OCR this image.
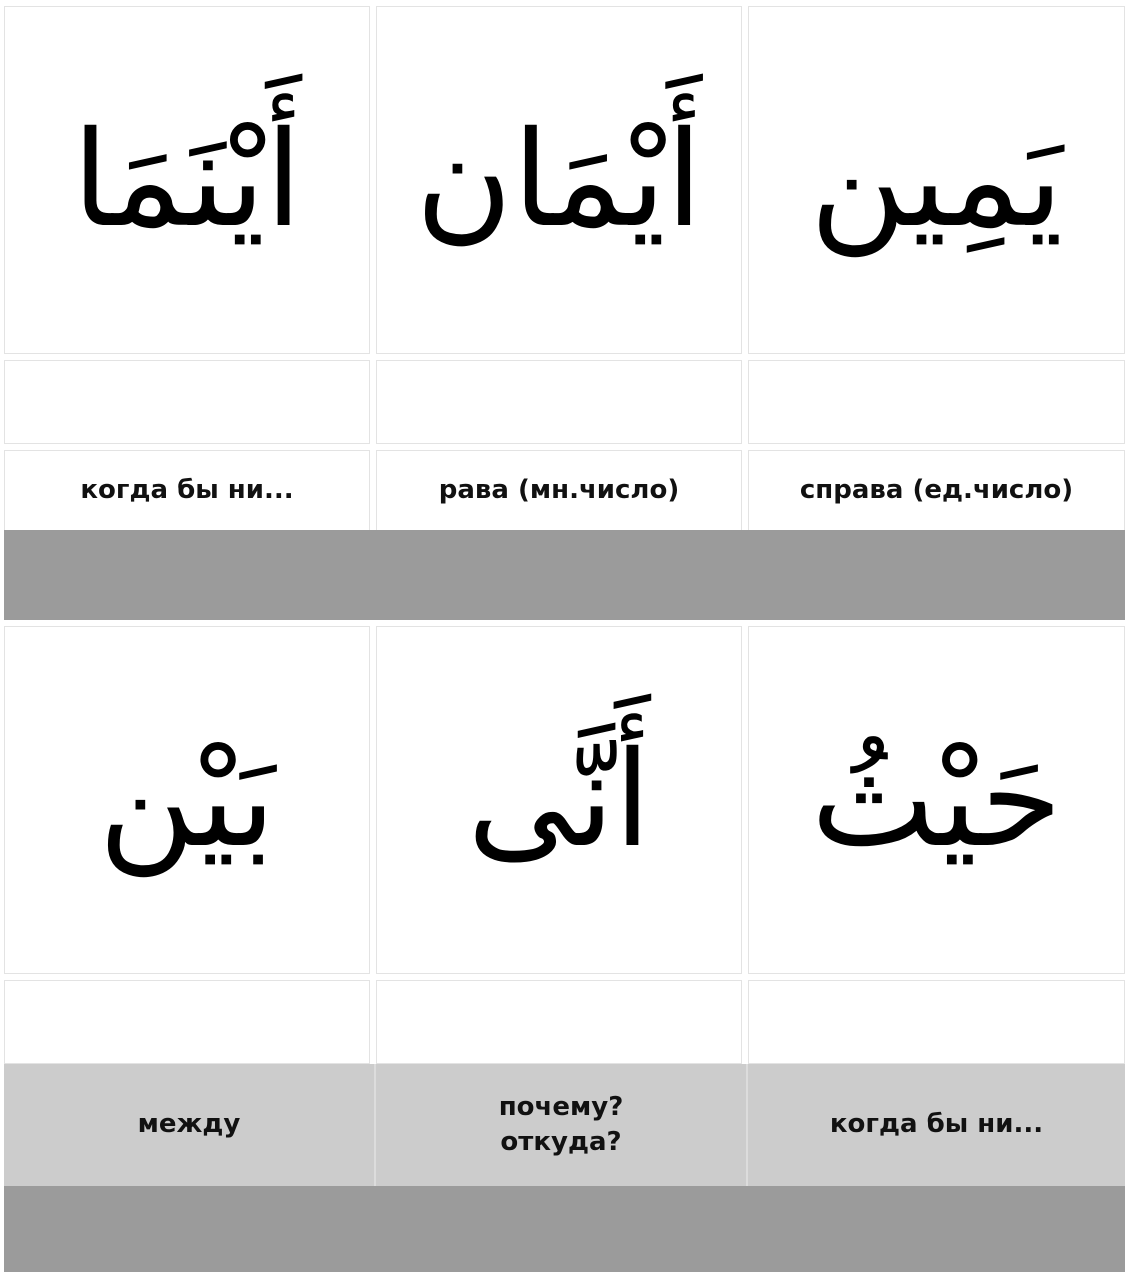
أَيْنَمَا أَيْمَان يَمِين
когда бы ни...	рава (мн.число)	справа (ед.число)
بَيْن أَنَّى حَيْثُ
между
почему?
откуда?
когда бы ни...
